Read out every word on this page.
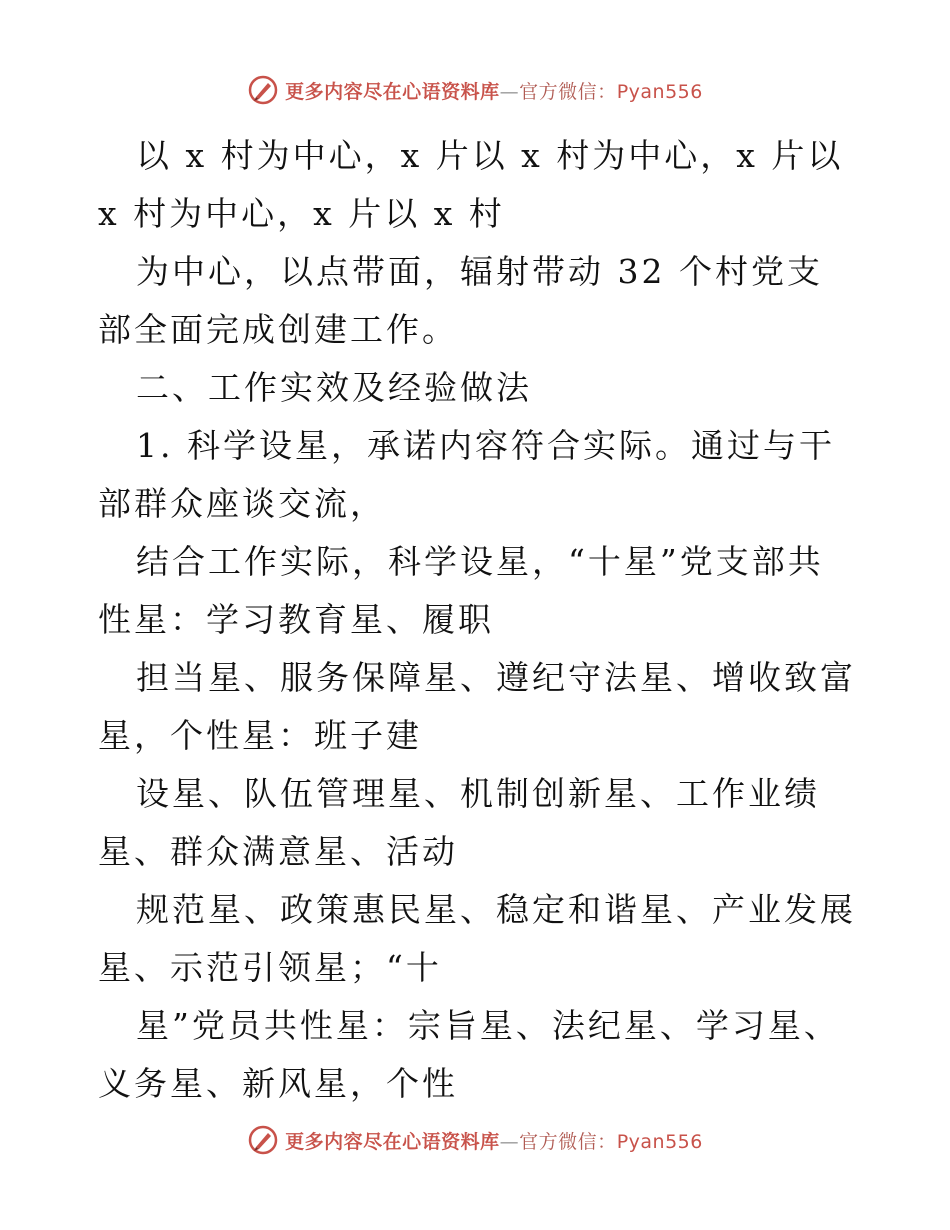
更多内容尽在心语资料库—官方微信：Pyan556

以 x 村为中心，x 片以 x 村为中心，x 片以 x 村为中心，x 片以 x 村

为中心，以点带面，辐射带动 32 个村党支部全面完成创建工作。

二、工作实效及经验做法

1. 科学设星，承诺内容符合实际。通过与干部群众座谈交流，

结合工作实际，科学设星，“十星”党支部共性星：学习教育星、履职

担当星、服务保障星、遵纪守法星、增收致富星，个性星：班子建

设星、队伍管理星、机制创新星、工作业绩星、群众满意星、活动

规范星、政策惠民星、稳定和谐星、产业发展星、示范引领星；“十

星”党员共性星：宗旨星、法纪星、学习星、义务星、新风星，个性

更多内容尽在心语资料库—官方微信：Pyan556
